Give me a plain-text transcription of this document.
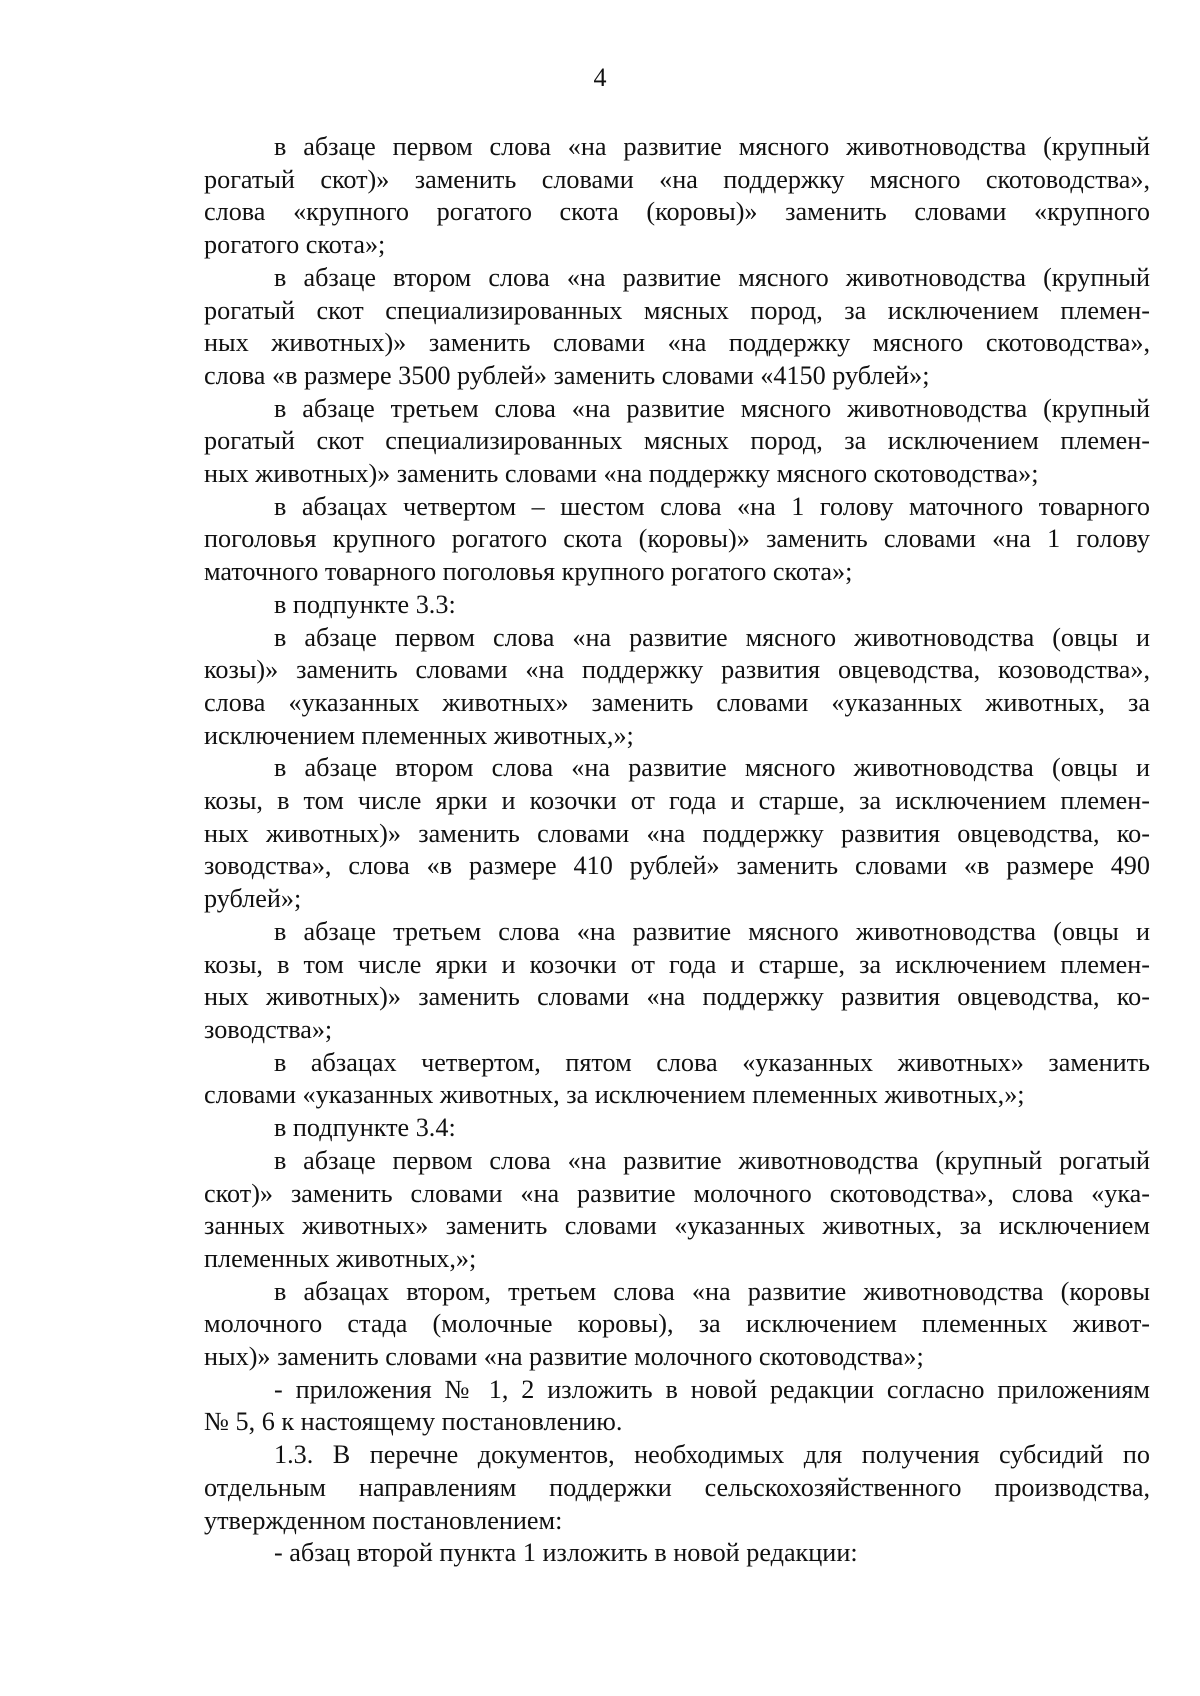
4

в абзаце первом слова «на развитие мясного животноводства (крупный
рогатый скот)» заменить словами «на поддержку мясного скотоводства»,
слова «крупного рогатого скота (коровы)» заменить словами «крупного
рогатого скота»;

в абзаце втором слова «на развитие мясного животноводства (крупный
рогатый скот специализированных мясных пород, за исключением племен-
ных животных)» заменить словами «на поддержку мясного скотоводства»,
слова «в размере 3500 рублей» заменить словами «4150 рублей»;

в абзаце третьем слова «на развитие мясного животноводства (крупный
рогатый скот специализированных мясных пород, за исключением племен-
ных животных)» заменить словами «на поддержку мясного скотоводства»;

в абзацах четвертом – шестом слова «на 1 голову маточного товарного
поголовья крупного рогатого скота (коровы)» заменить словами «на 1 голову
маточного товарного поголовья крупного рогатого скота»;

в подпункте 3.3:

в абзаце первом слова «на развитие мясного животноводства (овцы и
козы)» заменить словами «на поддержку развития овцеводства, козоводства»,
слова «указанных животных» заменить словами «указанных животных, за
исключением племенных животных,»;

в абзаце втором слова «на развитие мясного животноводства (овцы и
козы, в том числе ярки и козочки от года и старше, за исключением племен-
ных животных)» заменить словами «на поддержку развития овцеводства, ко-
зоводства», слова «в размере 410 рублей» заменить словами «в размере 490
рублей»;

в абзаце третьем слова «на развитие мясного животноводства (овцы и
козы, в том числе ярки и козочки от года и старше, за исключением племен-
ных животных)» заменить словами «на поддержку развития овцеводства, ко-
зоводства»;

в абзацах четвертом, пятом слова «указанных животных» заменить
словами «указанных животных, за исключением племенных животных,»;

в подпункте 3.4:

в абзаце первом слова «на развитие животноводства (крупный рогатый
скот)» заменить словами «на развитие молочного скотоводства», слова «ука-
занных животных» заменить словами «указанных животных, за исключением
племенных животных,»;

в абзацах втором, третьем слова «на развитие животноводства (коровы
молочного стада (молочные коровы), за исключением племенных живот-
ных)» заменить словами «на развитие молочного скотоводства»;

- приложения № 1, 2 изложить в новой редакции согласно приложениям
№ 5, 6 к настоящему постановлению.

1.3. В перечне документов, необходимых для получения субсидий по
отдельным направлениям поддержки сельскохозяйственного производства,
утвержденном постановлением:

- абзац второй пункта 1 изложить в новой редакции:
